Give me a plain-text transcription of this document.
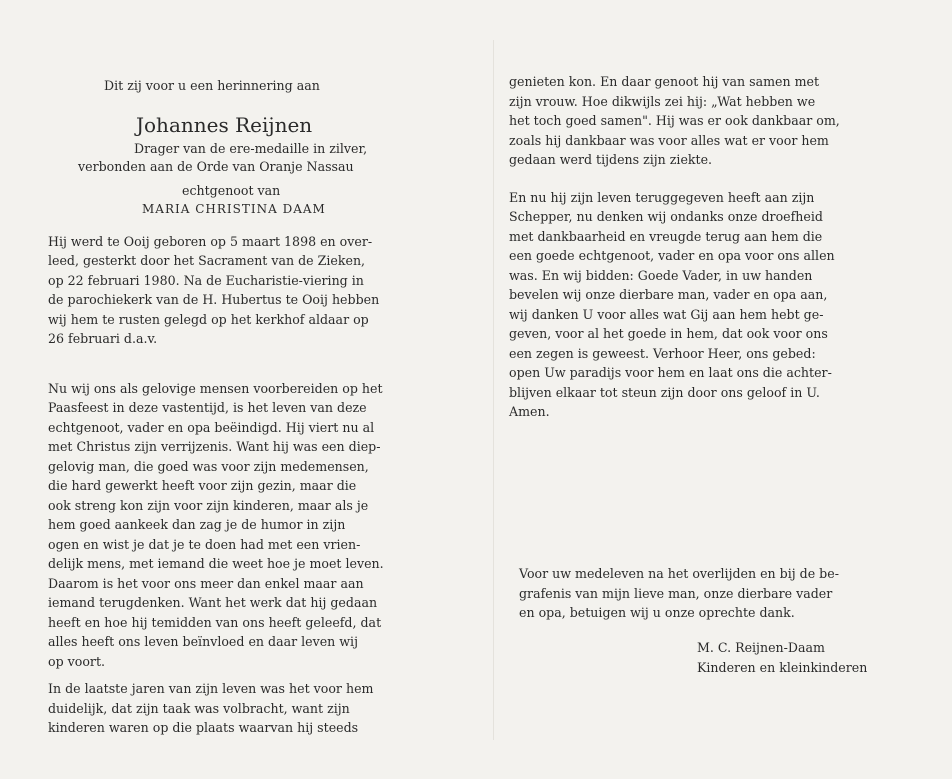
Dit zij voor u een herinnering aan
Johannes Reijnen
Drager van de ere-medaille in zilver,
verbonden aan de Orde van Oranje Nassau
echtgenoot van
MARIA CHRISTINA DAAM
Hij werd te Ooij geboren op 5 maart 1898 en over-
leed, gesterkt door het Sacrament van de Zieken,
op 22 februari 1980. Na de Eucharistie-viering in
de parochiekerk van de H. Hubertus te Ooij hebben
wij hem te rusten gelegd op het kerkhof aldaar op
26 februari d.a.v.
Nu wij ons als gelovige mensen voorbereiden op het
Paasfeest in deze vastentijd, is het leven van deze
echtgenoot, vader en opa beëindigd. Hij viert nu al
met Christus zijn verrijzenis. Want hij was een diep-
gelovig man, die goed was voor zijn medemensen,
die hard gewerkt heeft voor zijn gezin, maar die
ook streng kon zijn voor zijn kinderen, maar als je
hem goed aankeek dan zag je de humor in zijn
ogen en wist je dat je te doen had met een vrien-
delijk mens, met iemand die weet hoe je moet leven.
Daarom is het voor ons meer dan enkel maar aan
iemand terugdenken. Want het werk dat hij gedaan
heeft en hoe hij temidden van ons heeft geleefd, dat
alles heeft ons leven beïnvloed en daar leven wij
op voort.
In de laatste jaren van zijn leven was het voor hem
duidelijk, dat zijn taak was volbracht, want zijn
kinderen waren op die plaats waarvan hij steeds
genieten kon. En daar genoot hij van samen met
zijn vrouw. Hoe dikwijls zei hij: „Wat hebben we
het toch goed samen". Hij was er ook dankbaar om,
zoals hij dankbaar was voor alles wat er voor hem
gedaan werd tijdens zijn ziekte.
En nu hij zijn leven teruggegeven heeft aan zijn
Schepper, nu denken wij ondanks onze droefheid
met dankbaarheid en vreugde terug aan hem die
een goede echtgenoot, vader en opa voor ons allen
was. En wij bidden: Goede Vader, in uw handen
bevelen wij onze dierbare man, vader en opa aan,
wij danken U voor alles wat Gij aan hem hebt ge-
geven, voor al het goede in hem, dat ook voor ons
een zegen is geweest. Verhoor Heer, ons gebed:
open Uw paradijs voor hem en laat ons die achter-
blijven elkaar tot steun zijn door ons geloof in U.
Amen.
Voor uw medeleven na het overlijden en bij de be-
grafenis van mijn lieve man, onze dierbare vader
en opa, betuigen wij u onze oprechte dank.
M. C. Reijnen-Daam
Kinderen en kleinkinderen
